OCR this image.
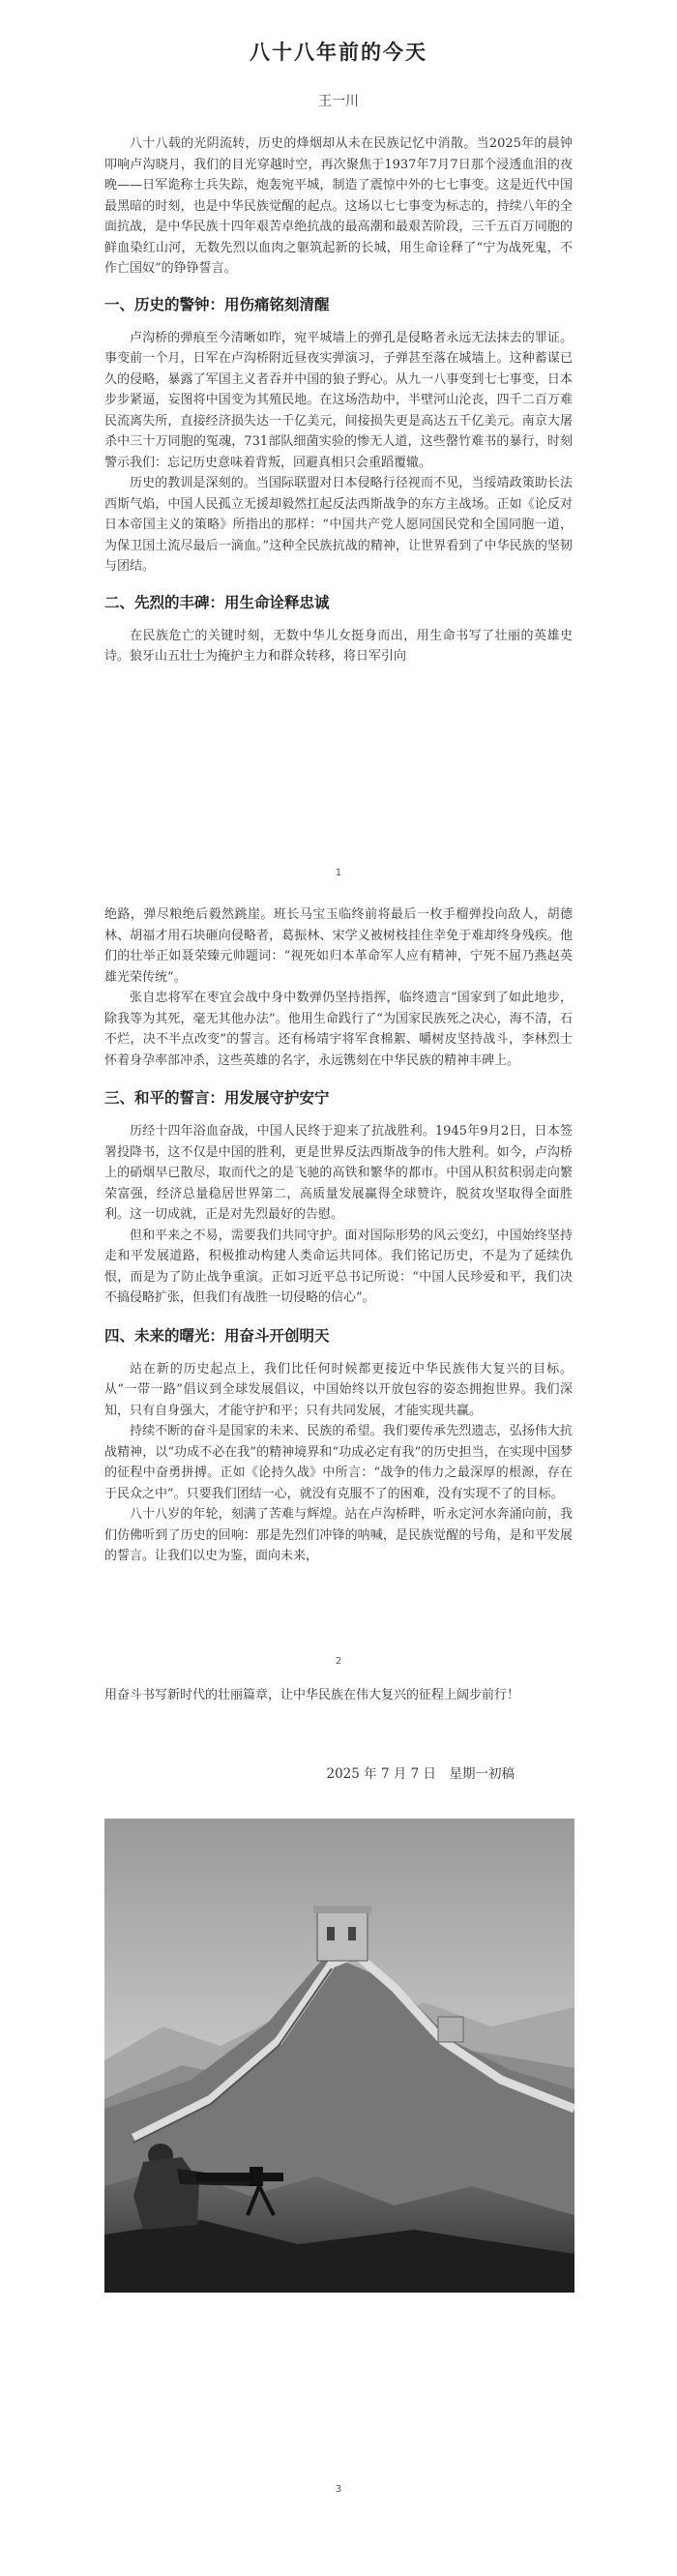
八十八年前的今天
王一川

八十八载的光阴流转，历史的烽烟却从未在民族记忆中消散。当2025年的晨钟叩响卢沟晓月，我们的目光穿越时空，再次聚焦于1937年7月7日那个浸透血泪的夜晚——日军诡称士兵失踪，炮轰宛平城，制造了震惊中外的七七事变。这是近代中国最黑暗的时刻，也是中华民族觉醒的起点。这场以七七事变为标志的，持续八年的全面抗战，是中华民族十四年艰苦卓绝抗战的最高潮和最艰苦阶段，三千五百万同胞的鲜血染红山河，无数先烈以血肉之躯筑起新的长城，用生命诠释了“宁为战死鬼，不作亡国奴”的铮铮誓言。

一、历史的警钟：用伤痛铭刻清醒

卢沟桥的弹痕至今清晰如昨，宛平城墙上的弹孔是侵略者永远无法抹去的罪证。事变前一个月，日军在卢沟桥附近昼夜实弹演习，子弹甚至落在城墙上。这种蓄谋已久的侵略，暴露了军国主义者吞并中国的狼子野心。从九一八事变到七七事变，日本步步紧逼，妄图将中国变为其殖民地。在这场浩劫中，半壁河山沦丧，四千二百万难民流离失所，直接经济损失达一千亿美元，间接损失更是高达五千亿美元。南京大屠杀中三十万同胞的冤魂，731部队细菌实验的惨无人道，这些罄竹难书的暴行，时刻警示我们：忘记历史意味着背叛，回避真相只会重蹈覆辙。

历史的教训是深刻的。当国际联盟对日本侵略行径视而不见，当绥靖政策助长法西斯气焰，中国人民孤立无援却毅然扛起反法西斯战争的东方主战场。正如《论反对日本帝国主义的策略》所指出的那样：“中国共产党人愿同国民党和全国同胞一道，为保卫国土流尽最后一滴血。”这种全民族抗战的精神，让世界看到了中华民族的坚韧与团结。

二、先烈的丰碑：用生命诠释忠诚

在民族危亡的关键时刻，无数中华儿女挺身而出，用生命书写了壮丽的英雄史诗。狼牙山五壮士为掩护主力和群众转移，将日军引向

1

绝路，弹尽粮绝后毅然跳崖。班长马宝玉临终前将最后一枚手榴弹投向敌人，胡德林、胡福才用石块砸向侵略者，葛振林、宋学义被树枝挂住幸免于难却终身残疾。他们的壮举正如聂荣臻元帅题词：“视死如归本革命军人应有精神，宁死不屈乃燕赵英雄光荣传统”。

张自忠将军在枣宜会战中身中数弹仍坚持指挥，临终遗言“国家到了如此地步，除我等为其死，毫无其他办法”。他用生命践行了“为国家民族死之决心，海不清，石不烂，决不半点改变”的誓言。还有杨靖宇将军食棉絮、嚼树皮坚持战斗，李林烈士怀着身孕率部冲杀，这些英雄的名字，永远镌刻在中华民族的精神丰碑上。

三、和平的誓言：用发展守护安宁

历经十四年浴血奋战，中国人民终于迎来了抗战胜利。1945年9月2日，日本签署投降书，这不仅是中国的胜利，更是世界反法西斯战争的伟大胜利。如今，卢沟桥上的硝烟早已散尽，取而代之的是飞驰的高铁和繁华的都市。中国从积贫积弱走向繁荣富强，经济总量稳居世界第二，高质量发展赢得全球赞许，脱贫攻坚取得全面胜利。这一切成就，正是对先烈最好的告慰。

但和平来之不易，需要我们共同守护。面对国际形势的风云变幻，中国始终坚持走和平发展道路，积极推动构建人类命运共同体。我们铭记历史，不是为了延续仇恨，而是为了防止战争重演。正如习近平总书记所说：“中国人民珍爱和平，我们决不搞侵略扩张，但我们有战胜一切侵略的信心”。

四、未来的曙光：用奋斗开创明天

站在新的历史起点上，我们比任何时候都更接近中华民族伟大复兴的目标。从“一带一路”倡议到全球发展倡议，中国始终以开放包容的姿态拥抱世界。我们深知，只有自身强大，才能守护和平；只有共同发展，才能实现共赢。

持续不断的奋斗是国家的未来、民族的希望。我们要传承先烈遗志，弘扬伟大抗战精神，以“功成不必在我”的精神境界和“功成必定有我”的历史担当，在实现中国梦的征程中奋勇拼搏。正如《论持久战》中所言：“战争的伟力之最深厚的根源，存在于民众之中”。只要我们团结一心，就没有克服不了的困难，没有实现不了的目标。

八十八岁的年轮，刻满了苦难与辉煌。站在卢沟桥畔，听永定河水奔涌向前，我们仿佛听到了历史的回响：那是先烈们冲锋的呐喊，是民族觉醒的号角，是和平发展的誓言。让我们以史为鉴，面向未来，

2

用奋斗书写新时代的壮丽篇章，让中华民族在伟大复兴的征程上阔步前行！

2025 年 7 月 7 日　星期一初稿
3
